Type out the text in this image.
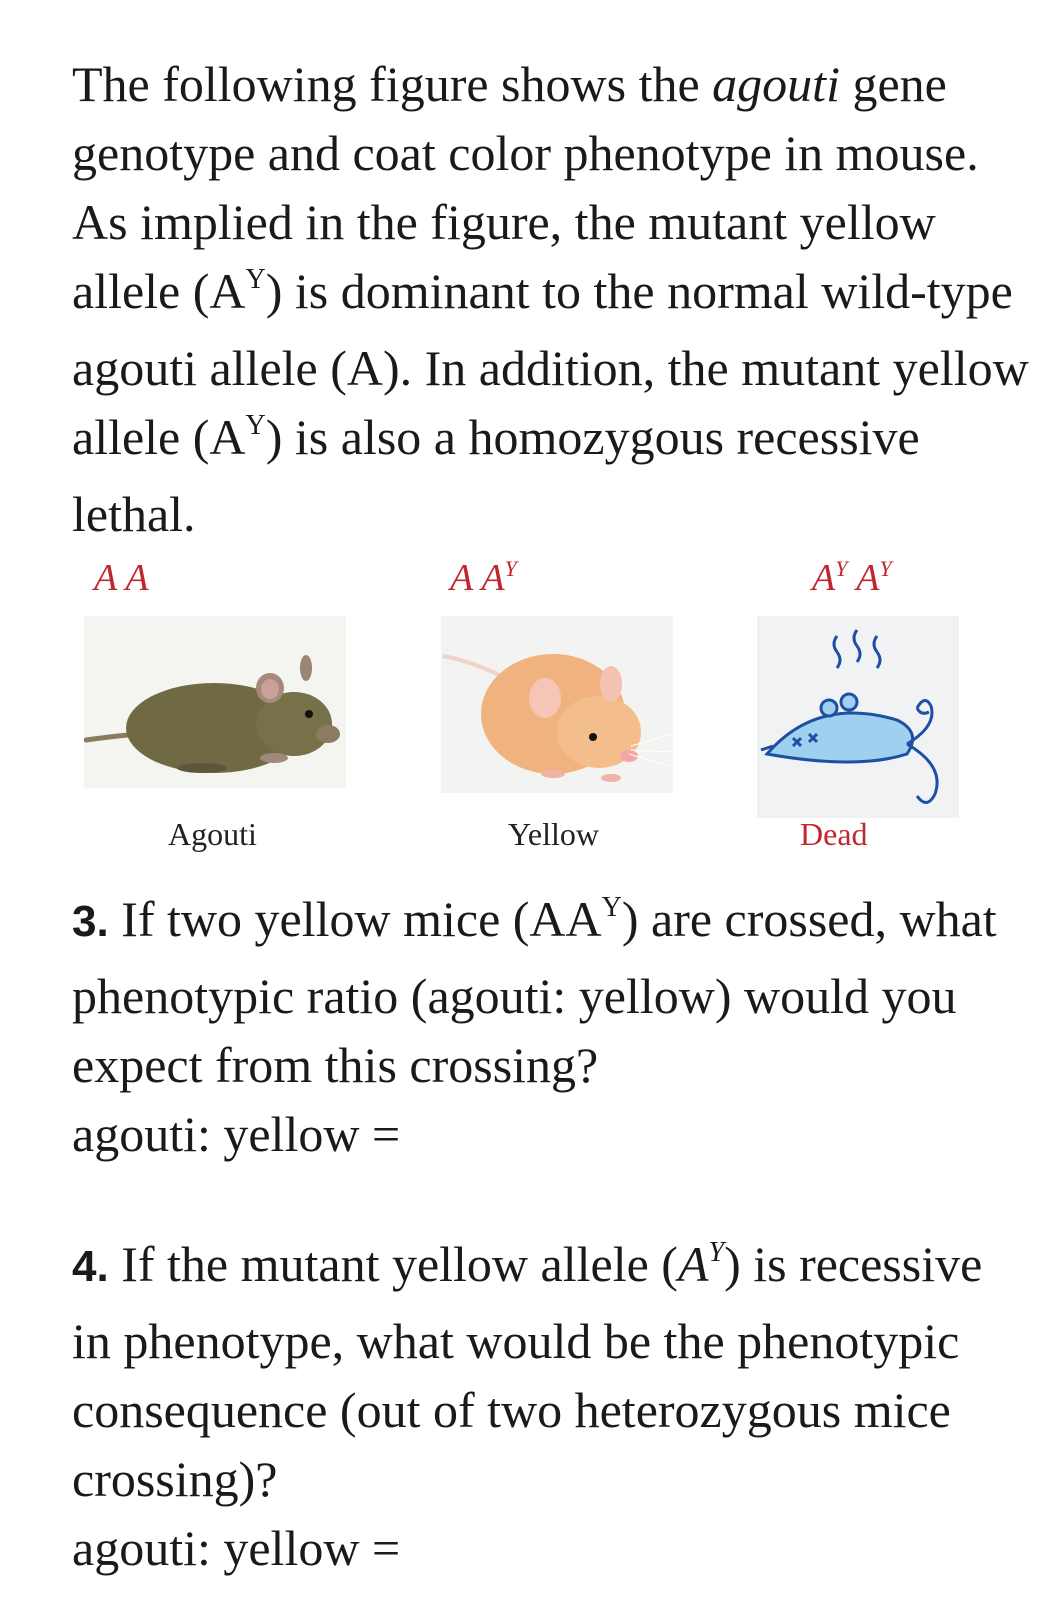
The following figure shows the agouti gene genotype and coat color phenotype in mouse. As implied in the figure, the mutant yellow allele $(A^Y)$ is dominant to the normal wild-type agouti allele (A). In addition, the mutant yellow allele $(A^Y)$ is also a homozygous recessive lethal.
A A	A $A^Y$	$A^Y$ $A^Y$
Agouti	Yellow	Dead
3. If two yellow mice $(AA^Y)$ are crossed, what phenotypic ratio (agouti: yellow) would you expect from this crossing?
agouti: yellow =
4. If the mutant yellow allele $(A^Y)$ is recessive in phenotype, what would be the phenotypic consequence (out of two heterozygous mice crossing)?
agouti: yellow =
